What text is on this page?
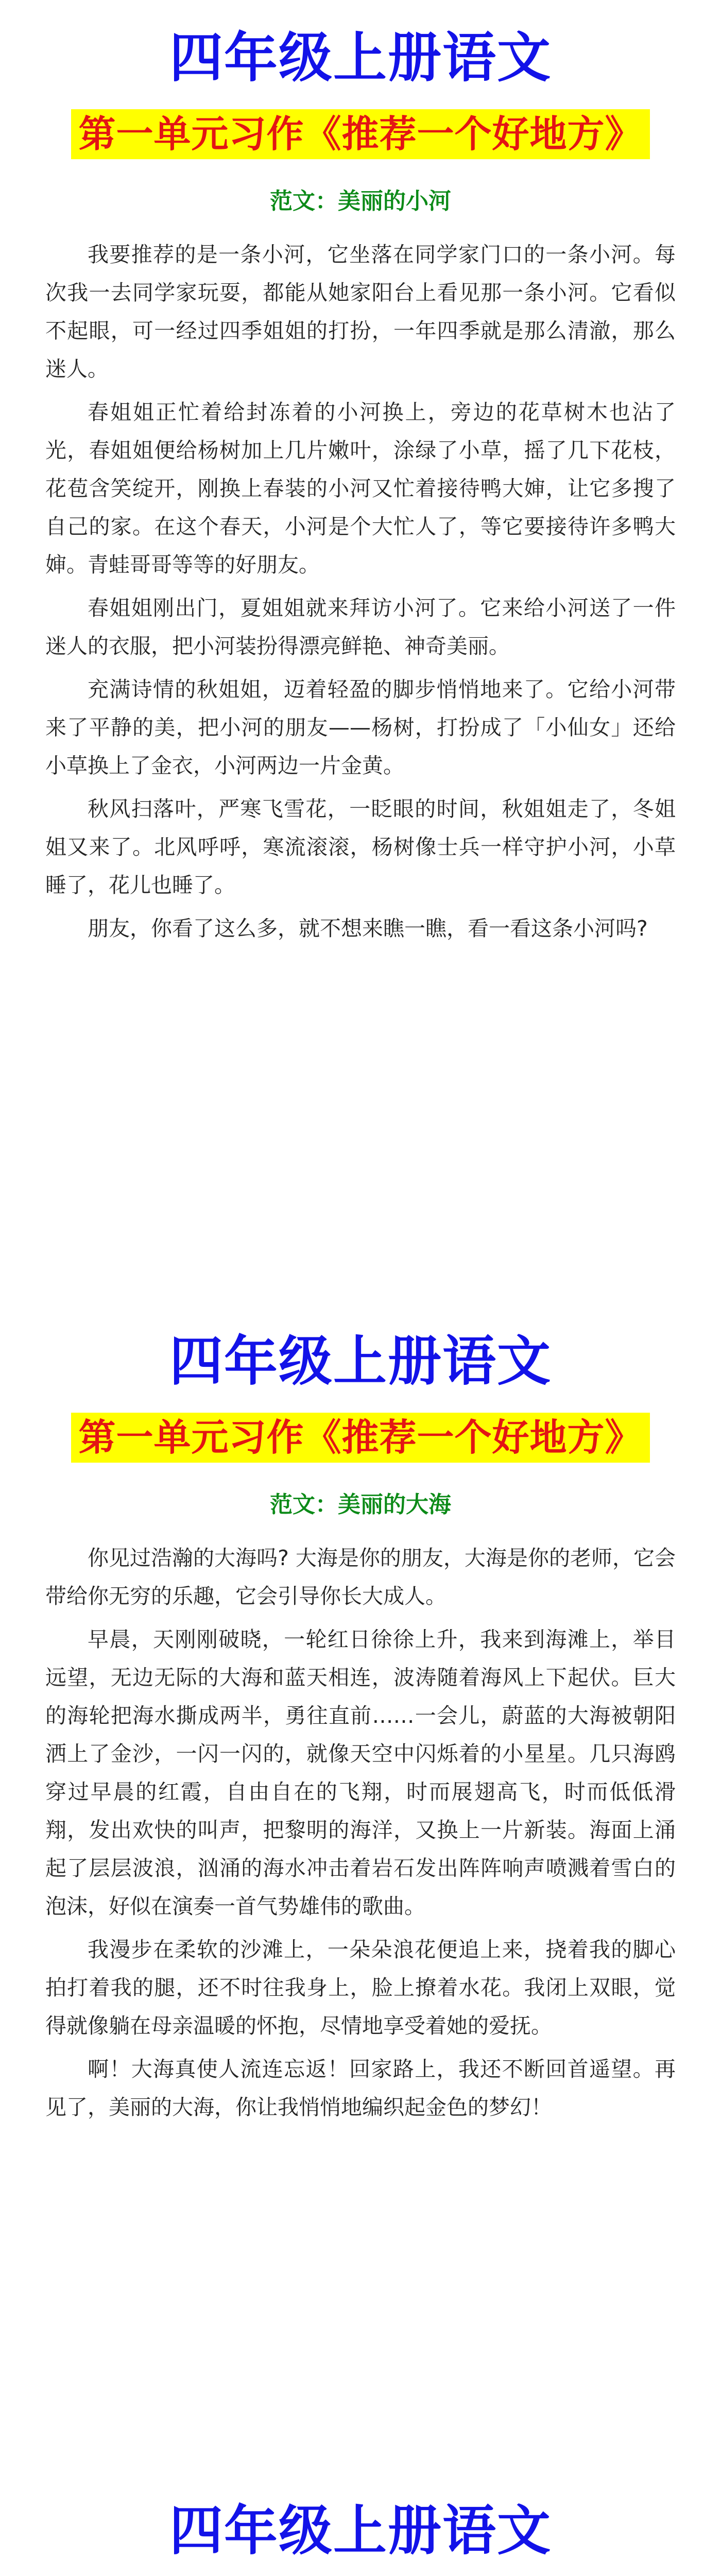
四年级上册语文
第一单元习作《推荐一个好地方》
范文：美丽的小河

我要推荐的是一条小河，它坐落在同学家门口的一条小河。每次我一去同学家玩耍，都能从她家阳台上看见那一条小河。它看似不起眼，可一经过四季姐姐的打扮，一年四季就是那么清澈，那么迷人。

春姐姐正忙着给封冻着的小河换上，旁边的花草树木也沾了光，春姐姐便给杨树加上几片嫩叶，涂绿了小草，摇了几下花枝，花苞含笑绽开，刚换上春装的小河又忙着接待鸭大婶，让它多搜了自己的家。在这个春天，小河是个大忙人了，等它要接待许多鸭大婶。青蛙哥哥等等的好朋友。

春姐姐刚出门，夏姐姐就来拜访小河了。它来给小河送了一件迷人的衣服，把小河装扮得漂亮鲜艳、神奇美丽。

充满诗情的秋姐姐，迈着轻盈的脚步悄悄地来了。它给小河带来了平静的美，把小河的朋友——杨树，打扮成了「小仙女」还给小草换上了金衣，小河两边一片金黄。

秋风扫落叶，严寒飞雪花，一眨眼的时间，秋姐姐走了，冬姐姐又来了。北风呼呼，寒流滚滚，杨树像士兵一样守护小河，小草睡了，花儿也睡了。

朋友，你看了这么多，就不想来瞧一瞧，看一看这条小河吗?

四年级上册语文
第一单元习作《推荐一个好地方》
范文：美丽的大海

你见过浩瀚的大海吗? 大海是你的朋友，大海是你的老师，它会带给你无穷的乐趣，它会引导你长大成人。

早晨，天刚刚破晓，一轮红日徐徐上升，我来到海滩上，举目远望，无边无际的大海和蓝天相连，波涛随着海风上下起伏。巨大的海轮把海水撕成两半，勇往直前……一会儿，蔚蓝的大海被朝阳洒上了金沙，一闪一闪的，就像天空中闪烁着的小星星。几只海鸥穿过早晨的红霞，自由自在的飞翔，时而展翅高飞，时而低低滑翔，发出欢快的叫声，把黎明的海洋，又换上一片新装。海面上涌起了层层波浪，汹涌的海水冲击着岩石发出阵阵响声喷溅着雪白的泡沫，好似在演奏一首气势雄伟的歌曲。

我漫步在柔软的沙滩上，一朵朵浪花便追上来，挠着我的脚心拍打着我的腿，还不时往我身上，脸上撩着水花。我闭上双眼，觉得就像躺在母亲温暖的怀抱，尽情地享受着她的爱抚。

啊！大海真使人流连忘返！回家路上，我还不断回首遥望。再见了，美丽的大海，你让我悄悄地编织起金色的梦幻！

四年级上册语文
